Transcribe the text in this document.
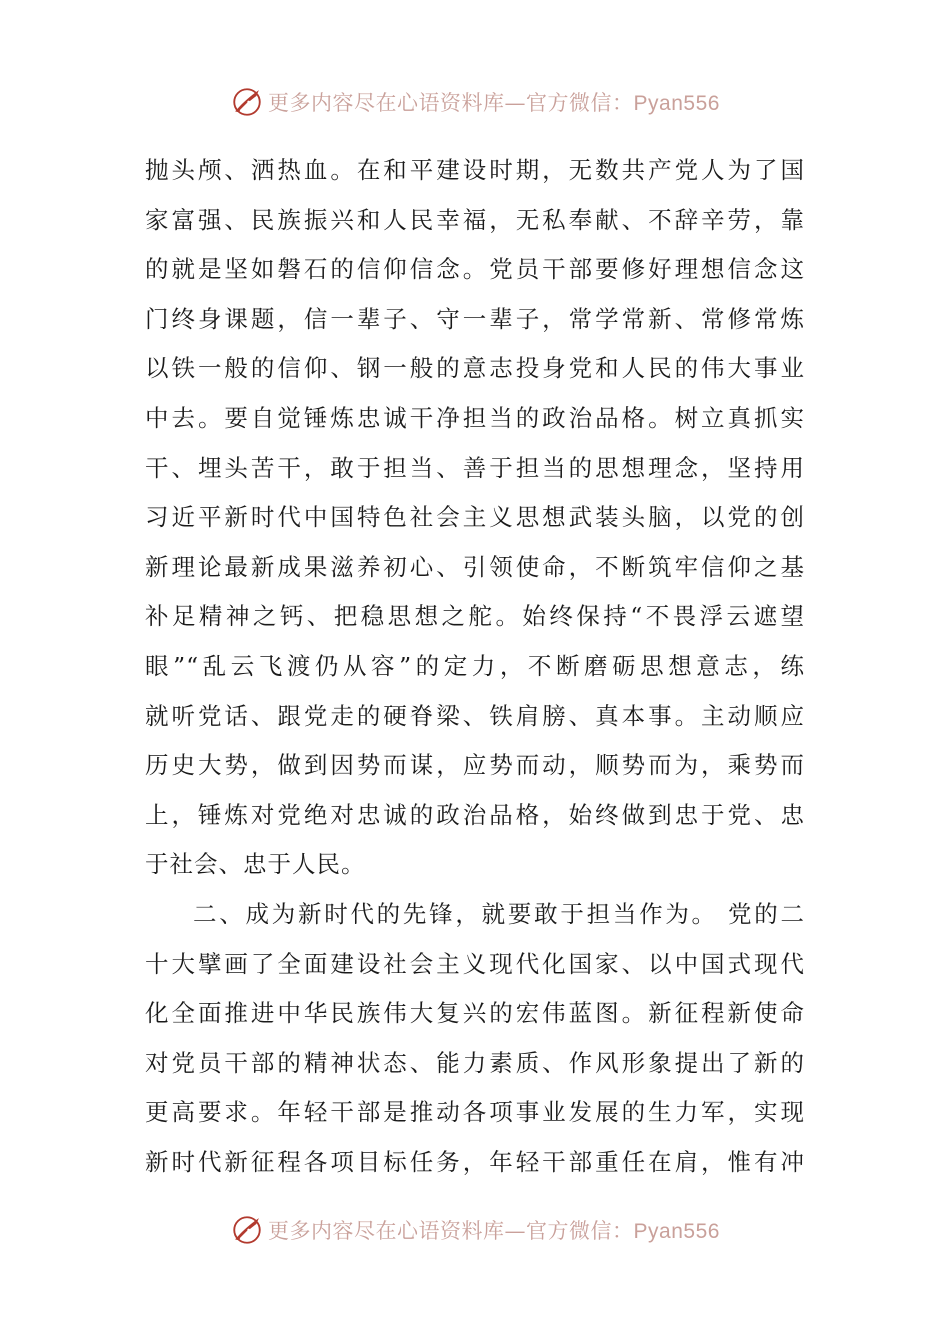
更多内容尽在心语资料库—官方微信：Pyan556
抛头颅、洒热血。在和平建设时期，无数共产党人为了国
家富强、民族振兴和人民幸福，无私奉献、不辞辛劳，靠
的就是坚如磐石的信仰信念。党员干部要修好理想信念这
门终身课题，信一辈子、守一辈子，常学常新、常修常炼
以铁一般的信仰、钢一般的意志投身党和人民的伟大事业
中去。要自觉锤炼忠诚干净担当的政治品格。树立真抓实
干、埋头苦干，敢于担当、善于担当的思想理念，坚持用
习近平新时代中国特色社会主义思想武装头脑，以党的创
新理论最新成果滋养初心、引领使命，不断筑牢信仰之基
补足精神之钙、把稳思想之舵。始终保持“不畏浮云遮望
眼”“乱云飞渡仍从容”的定力，不断磨砺思想意志，练
就听党话、跟党走的硬脊梁、铁肩膀、真本事。主动顺应
历史大势，做到因势而谋，应势而动，顺势而为，乘势而
上，锤炼对党绝对忠诚的政治品格，始终做到忠于党、忠
于社会、忠于人民。
二、成为新时代的先锋，就要敢于担当作为。 党的二
十大擘画了全面建设社会主义现代化国家、以中国式现代
化全面推进中华民族伟大复兴的宏伟蓝图。新征程新使命
对党员干部的精神状态、能力素质、作风形象提出了新的
更高要求。年轻干部是推动各项事业发展的生力军，实现
新时代新征程各项目标任务，年轻干部重任在肩，惟有冲
更多内容尽在心语资料库—官方微信：Pyan556
